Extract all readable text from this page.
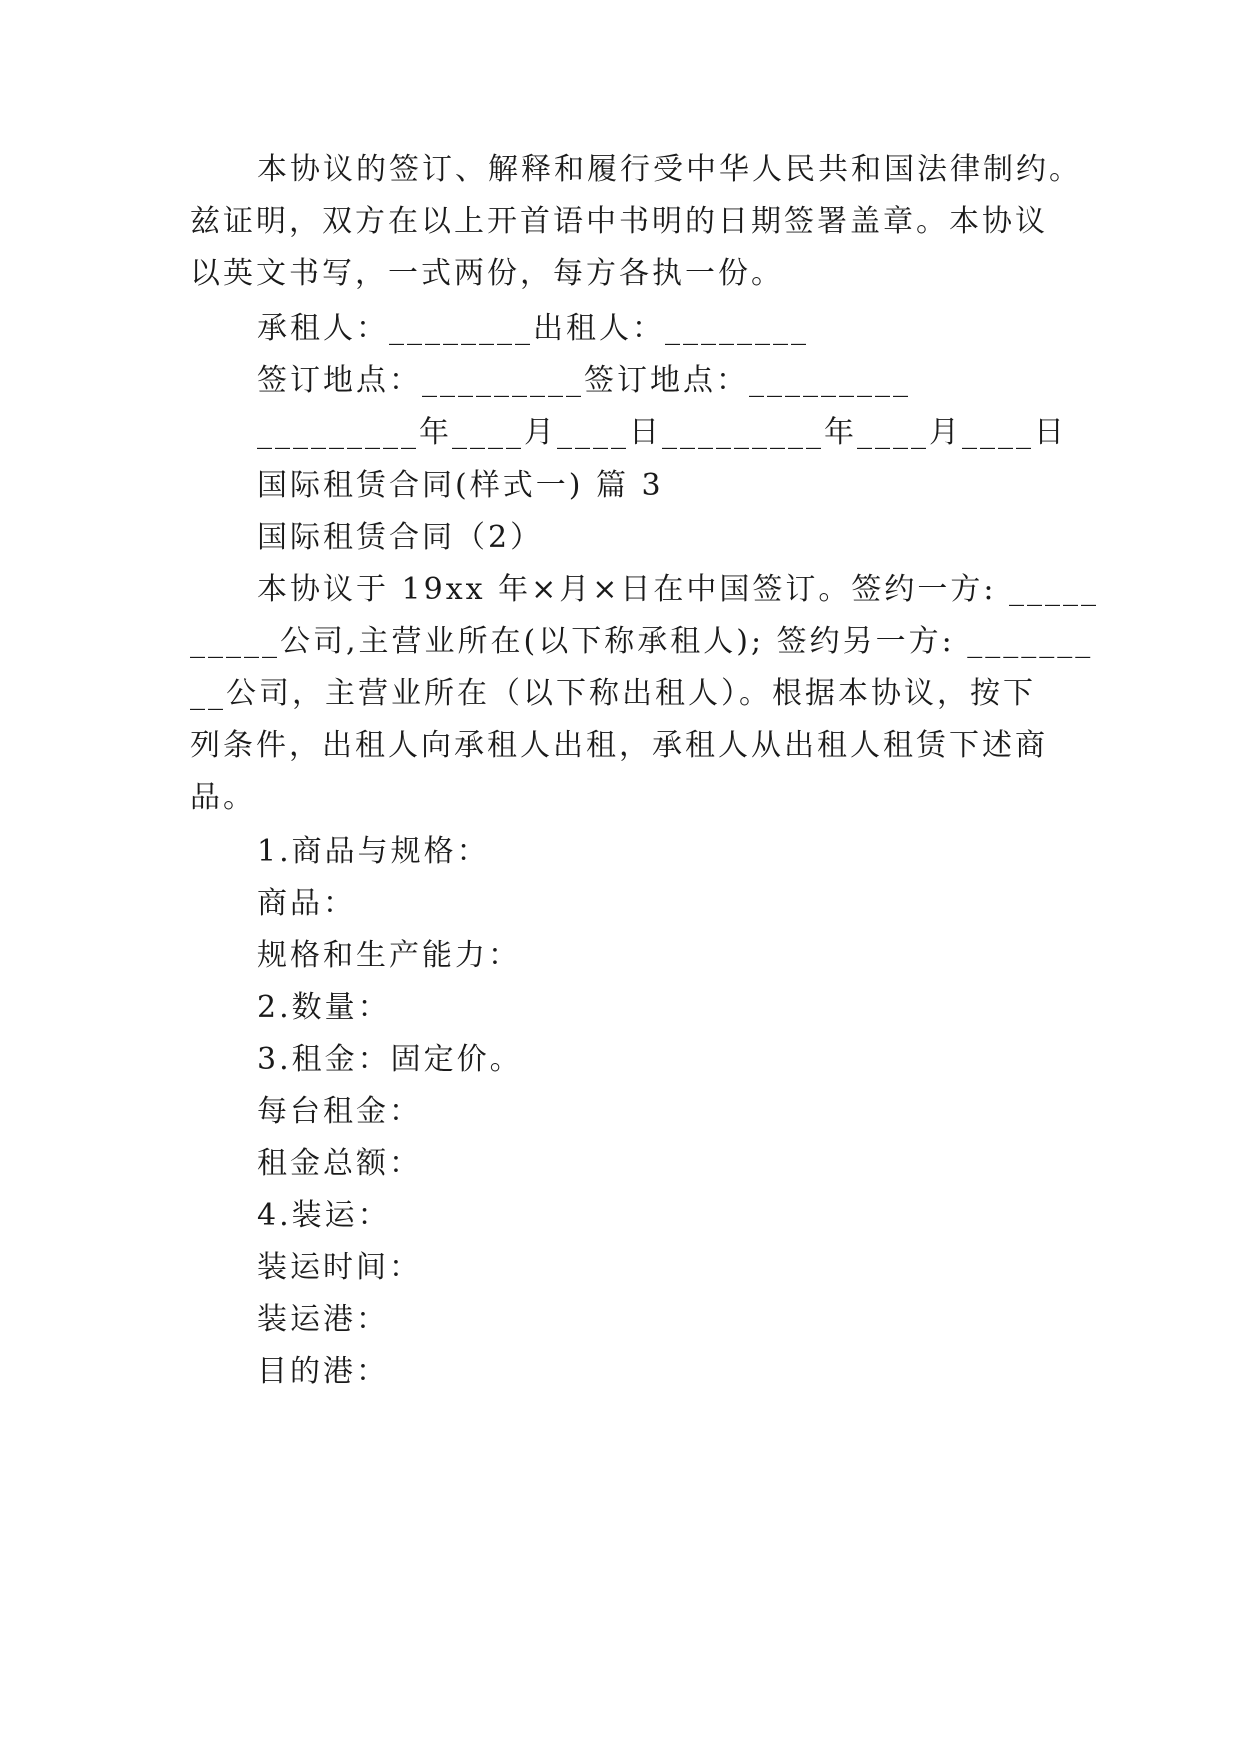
本协议的签订、解释和履行受中华人民共和国法律制约。
兹证明，双方在以上开首语中书明的日期签署盖章。本协议
以英文书写，一式两份，每方各执一份。
承租人：________出租人：________
签订地点：_________签订地点：_________
_________年____月____日_________年____月____日
国际租赁合同(样式一) 篇 3
国际租赁合同（2）
本协议于 19xx 年×月×日在中国签订。签约一方: _____
_____公司,主营业所在(以下称承租人); 签约另一方: _______
__公司，主营业所在（以下称出租人）。根据本协议，按下
列条件，出租人向承租人出租，承租人从出租人租赁下述商
品。
1.商品与规格：
商品：
规格和生产能力：
2.数量：
3.租金：固定价。
每台租金：
租金总额：
4.装运：
装运时间：
装运港：
目的港：
